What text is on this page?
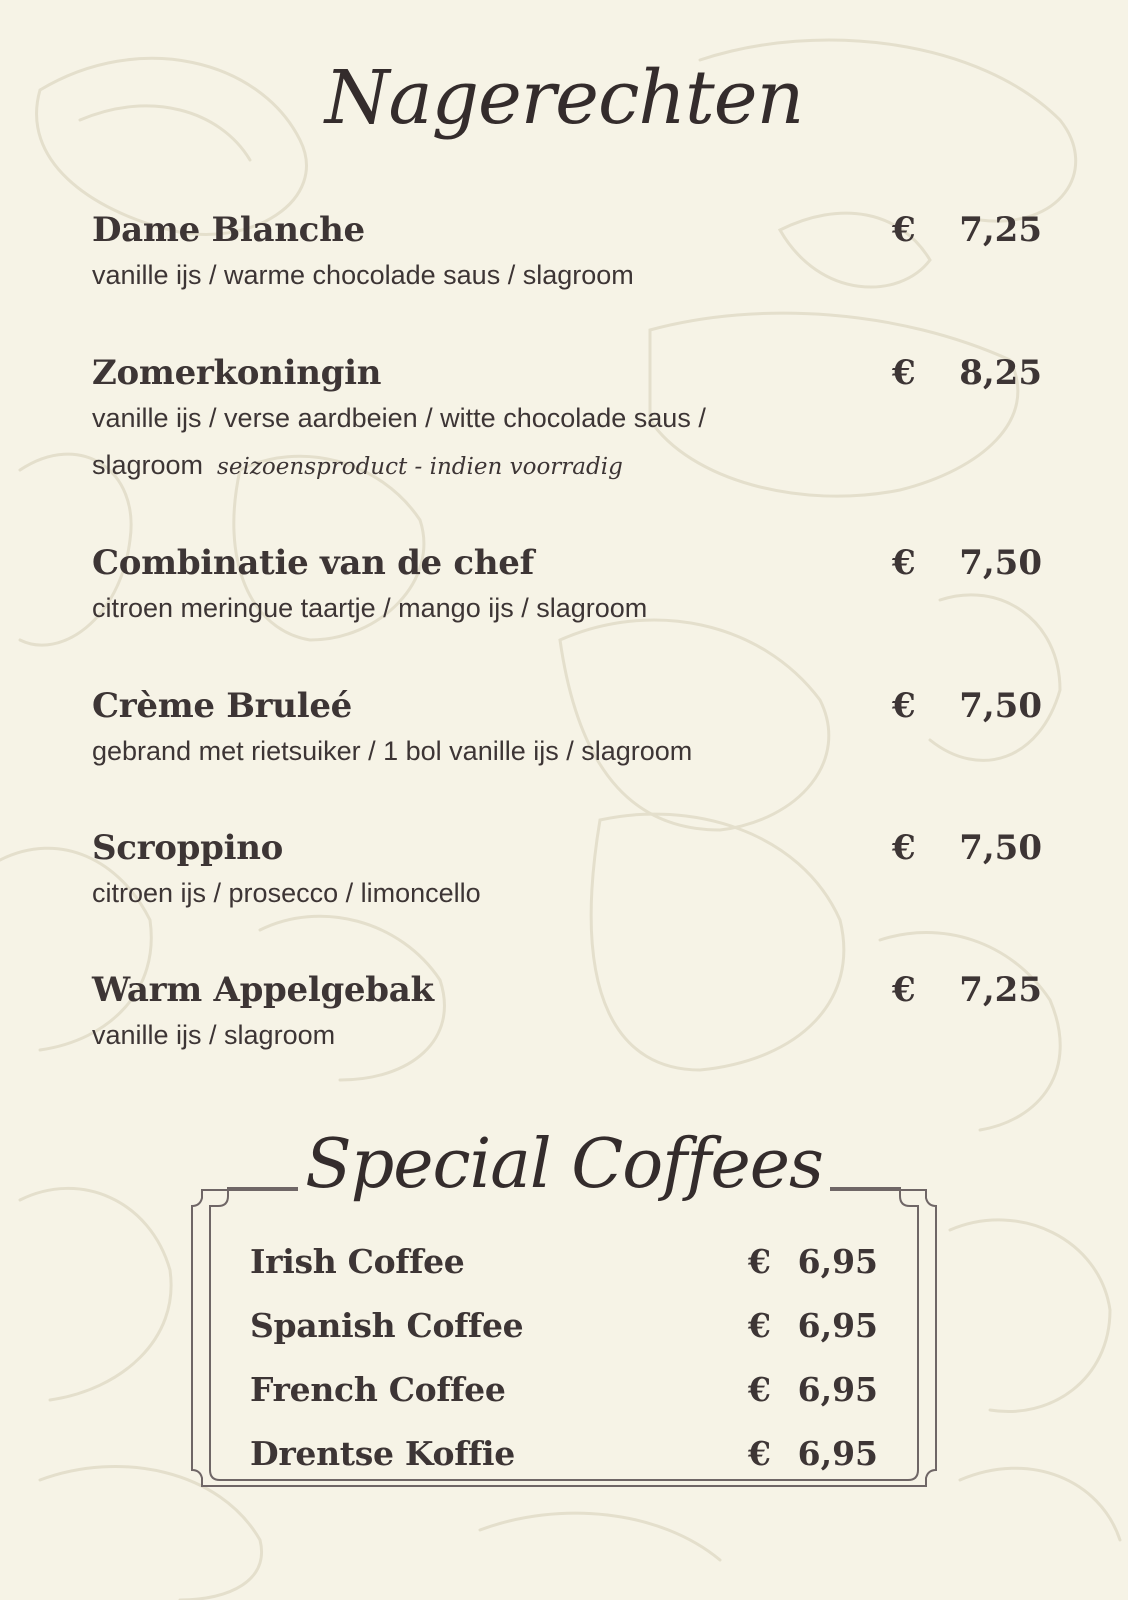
Nagerechten
Dame Blanche	€ 7,25
vanille ijs / warme chocolade saus / slagroom
Zomerkoningin	€ 8,25
vanille ijs / verse aardbeien / witte chocolade saus / slagroom seizoensproduct - indien voorradig
Combinatie van de chef	€ 7,50
citroen meringue taartje / mango ijs / slagroom
Crème Bruleé	€ 7,50
gebrand met rietsuiker / 1 bol vanille ijs / slagroom
Scroppino	€ 7,50
citroen ijs / prosecco / limoncello
Warm Appelgebak	€ 7,25
vanille ijs / slagroom
Special Coffees
Irish Coffee	€ 6,95
Spanish Coffee	€ 6,95
French Coffee	€ 6,95
Drentse Koffie	€ 6,95
